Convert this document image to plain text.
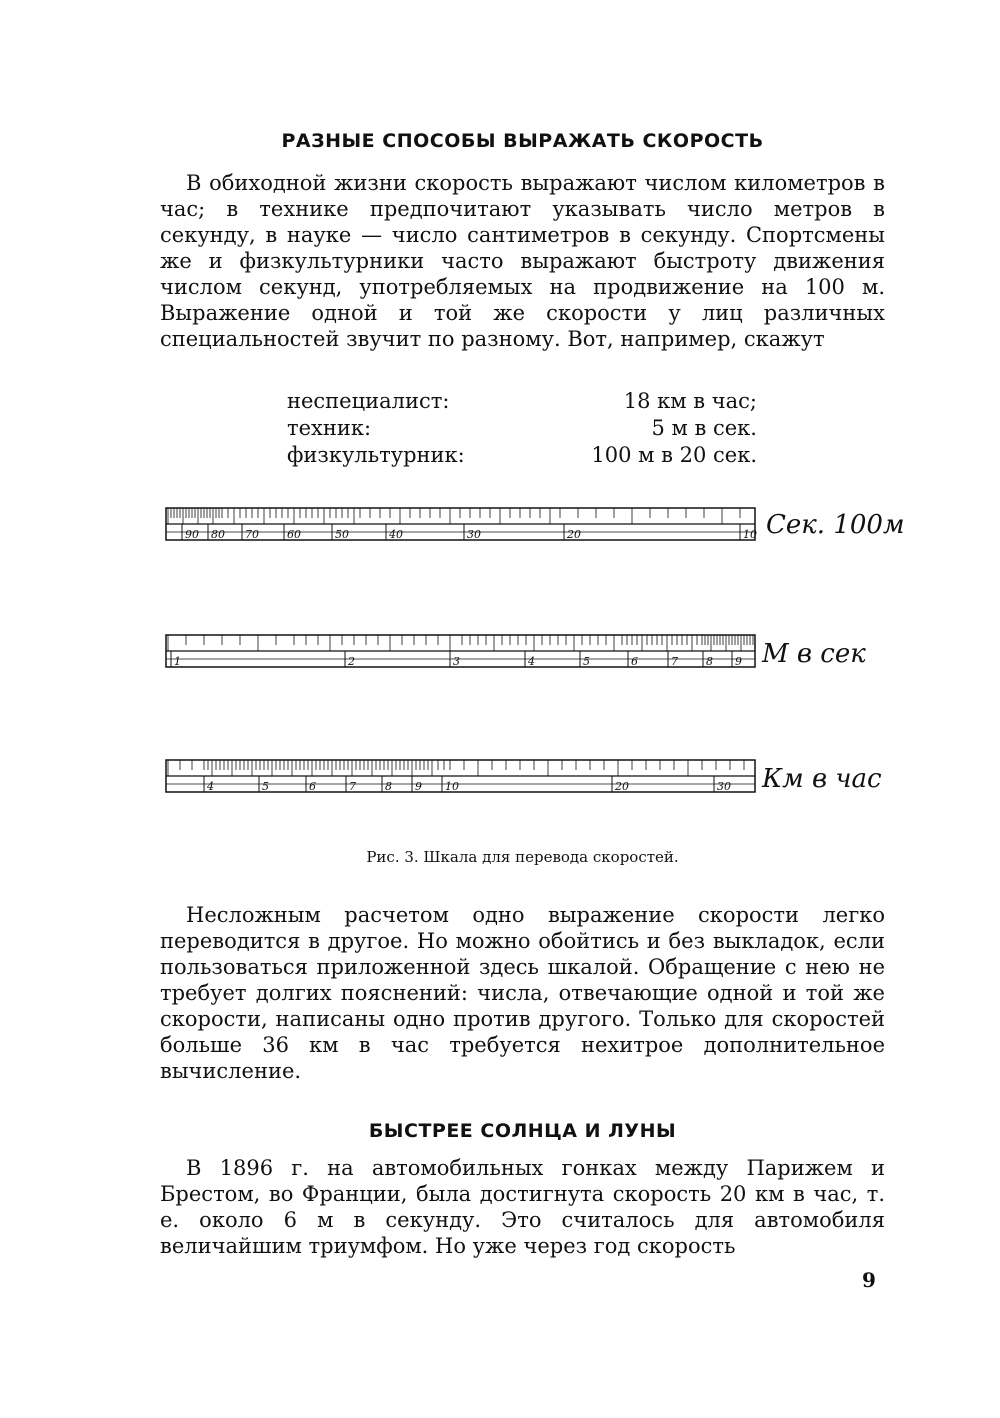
РАЗНЫЕ СПОСОБЫ ВЫРАЖАТЬ СКОРОСТЬ

В обиходной жизни скорость выражают числом километров в час; в технике предпочитают указывать число метров в секунду, в науке — число сантиметров в секунду. Спортсмены же и физкультурники часто выражают быстроту движения числом секунд, употребляемых на продвижение на 100 м. Выражение одной и той же скорости у лиц различных специальностей звучит по разному. Вот, например, скажут

неспециалист:	18 км в час;
техник:	5 м в сек.
физкультурник:	100 м в 20 сек.
90 80 70	60	50	40	30	20	10 Сек. 100м
1	2	3	4	5	6	7	8 9 М в сек
4	5	6	7	8 9 10	20	30 Км в час
Рис. 3. Шкала для перевода скоростей.

Несложным расчетом одно выражение скорости легко переводится в другое. Но можно обойтись и без выкладок, если пользоваться приложенной здесь шкалой. Обращение с нею не требует долгих пояснений: числа, отвечающие одной и той же скорости, написаны одно против другого. Только для скоростей больше 36 км в час требуется нехитрое дополнительное вычисление.

БЫСТРЕЕ СОЛНЦА И ЛУНЫ

В 1896 г. на автомобильных гонках между Парижем и Брестом, во Франции, была достигнута скорость 20 км в час, т. е. около 6 м в секунду. Это считалось для автомобиля величайшим триумфом. Но уже через год скорость

9
